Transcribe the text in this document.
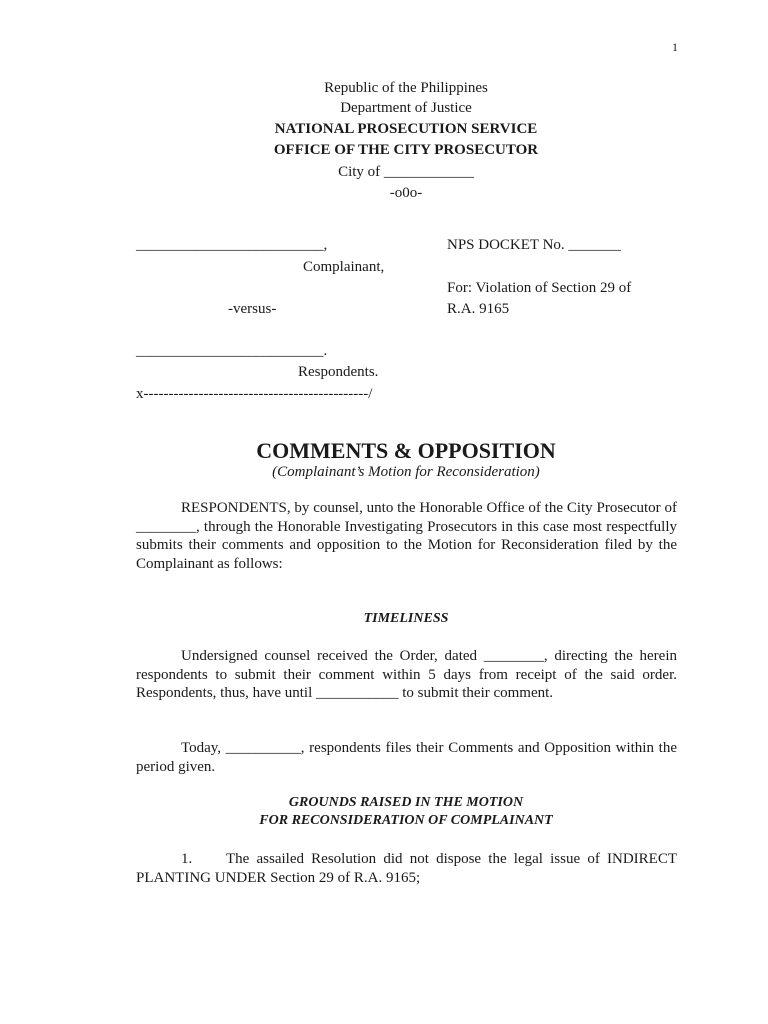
1
Republic of the Philippines
Department of Justice
NATIONAL PROSECUTION SERVICE
OFFICE OF THE CITY PROSECUTOR
City of ____________
-o0o-
_________________________,
Complainant,
-versus-
_________________________.
Respondents.
x---------------------------------------------/
NPS DOCKET No. _______
For: Violation of Section 29 of
R.A. 9165
COMMENTS & OPPOSITION
(Complainant’s Motion for Reconsideration)
RESPONDENTS, by counsel, unto the Honorable Office of the City Prosecutor of ________, through the Honorable Investigating Prosecutors in this case most respectfully submits their comments and opposition to the Motion for Reconsideration filed by the Complainant as follows:
TIMELINESS
Undersigned counsel received the Order, dated ________, directing the herein respondents to submit their comment within 5 days from receipt of the said order. Respondents, thus, have until ___________ to submit their comment.
Today, __________, respondents files their Comments and Opposition within the period given.
GROUNDS RAISED IN THE MOTION
FOR RECONSIDERATION OF COMPLAINANT
1. The assailed Resolution did not dispose the legal issue of INDIRECT PLANTING UNDER Section 29 of R.A. 9165;
